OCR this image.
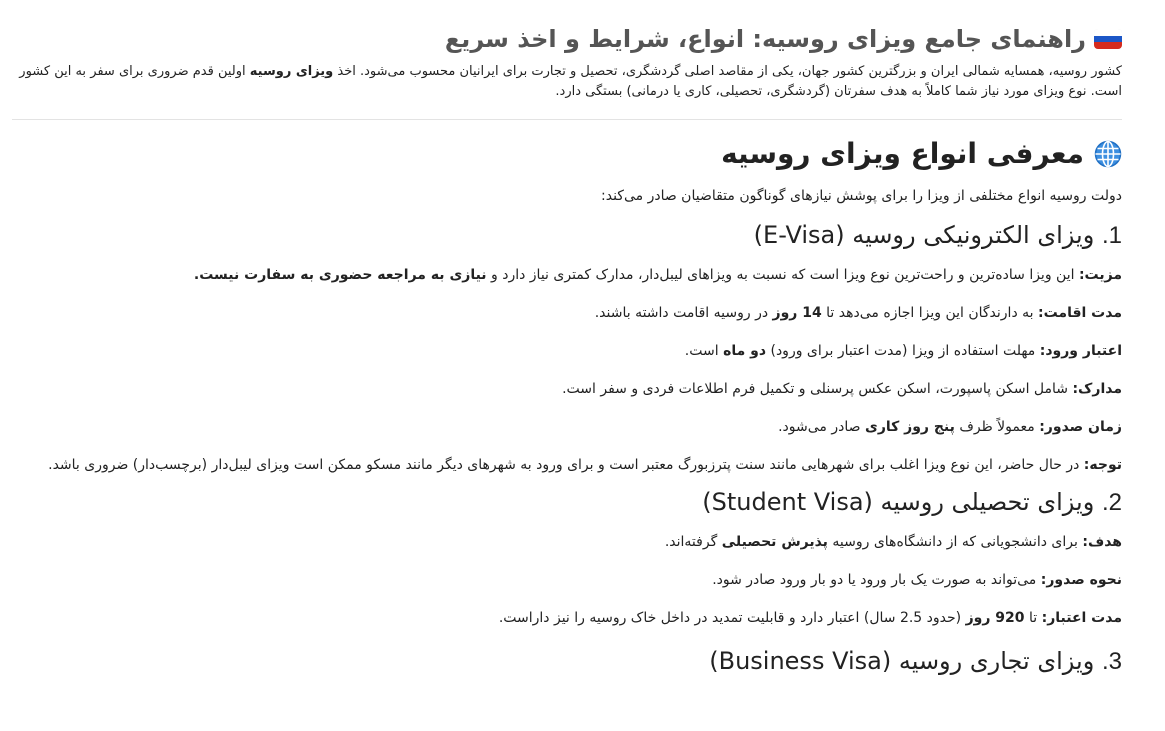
راهنمای جامع ویزای روسیه: انواع، شرایط و اخذ سریع

کشور روسیه، همسایه شمالی ایران و بزرگترین کشور جهان، یکی از مقاصد اصلی گردشگری، تحصیل و تجارت برای ایرانیان محسوب می‌شود. اخذ ویزای روسیه اولین قدم ضروری برای سفر به این کشور است. نوع ویزای مورد نیاز شما کاملاً به هدف سفرتان (گردشگری، تحصیلی، کاری یا درمانی) بستگی دارد.

معرفی انواع ویزای روسیه

دولت روسیه انواع مختلفی از ویزا را برای پوشش نیازهای گوناگون متقاضیان صادر می‌کند:

1. ویزای الکترونیکی روسیه (E-Visa)

مزیت: این ویزا ساده‌ترین و راحت‌ترین نوع ویزا است که نسبت به ویزاهای لیبل‌دار، مدارک کمتری نیاز دارد و نیازی به مراجعه حضوری به سفارت نیست.

مدت اقامت: به دارندگان این ویزا اجازه می‌دهد تا 14 روز در روسیه اقامت داشته باشند.

اعتبار ورود: مهلت استفاده از ویزا (مدت اعتبار برای ورود) دو ماه است.

مدارک: شامل اسکن پاسپورت، اسکن عکس پرسنلی و تکمیل فرم اطلاعات فردی و سفر است.

زمان صدور: معمولاً ظرف پنج روز کاری صادر می‌شود.

توجه: در حال حاضر، این نوع ویزا اغلب برای شهرهایی مانند سنت پترزبورگ معتبر است و برای ورود به شهرهای دیگر مانند مسکو ممکن است ویزای لیبل‌دار (برچسب‌دار) ضروری باشد.

2. ویزای تحصیلی روسیه (Student Visa)

هدف: برای دانشجویانی که از دانشگاه‌های روسیه پذیرش تحصیلی گرفته‌اند.

نحوه صدور: می‌تواند به صورت یک بار ورود یا دو بار ورود صادر شود.

مدت اعتبار: تا 920 روز (حدود 2.5 سال) اعتبار دارد و قابلیت تمدید در داخل خاک روسیه را نیز داراست.

3. ویزای تجاری روسیه (Business Visa)
